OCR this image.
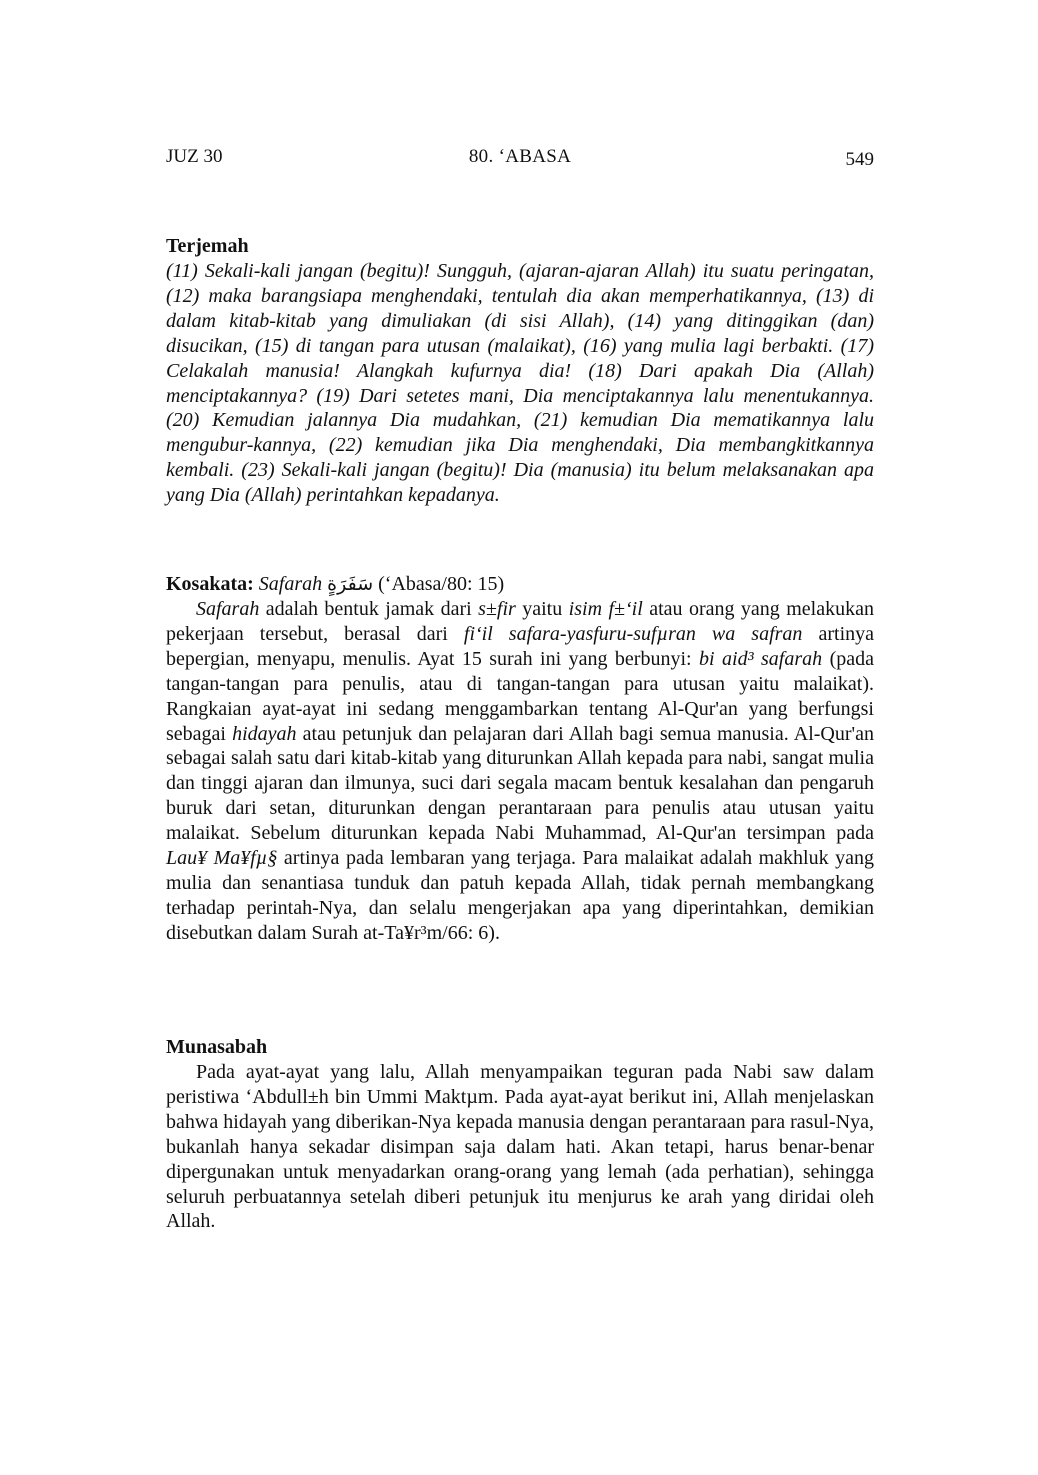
JUZ 30	80. ‘ABASA	549
Terjemah

(11) Sekali-kali jangan (begitu)! Sungguh, (ajaran-ajaran Allah) itu suatu peringatan, (12) maka barangsiapa menghendaki, tentulah dia akan memperhatikannya, (13) di dalam kitab-kitab yang dimuliakan (di sisi Allah), (14) yang ditinggikan (dan) disucikan, (15) di tangan para utusan (malaikat), (16) yang mulia lagi berbakti. (17) Celakalah manusia! Alangkah kufurnya dia! (18) Dari apakah Dia (Allah) menciptakannya? (19) Dari setetes mani, Dia menciptakannya lalu menentukannya. (20) Kemudian jalannya Dia mudahkan, (21) kemudian Dia mematikannya lalu mengubur-kannya, (22) kemudian jika Dia menghendaki, Dia membangkitkannya kembali. (23) Sekali-kali jangan (begitu)! Dia (manusia) itu belum melaksanakan apa yang Dia (Allah) perintahkan kepadanya.

Kosakata: Safarah سَفَرَةٍ (‘Abasa/80: 15)

Safarah adalah bentuk jamak dari s±fir yaitu isim f±‘il atau orang yang melakukan pekerjaan tersebut, berasal dari fi‘il safara-yasfuru-sufµran wa safran artinya bepergian, menyapu, menulis. Ayat 15 surah ini yang berbunyi: bi aid³ safarah (pada tangan-tangan para penulis, atau di tangan-tangan para utusan yaitu malaikat). Rangkaian ayat-ayat ini sedang menggambarkan tentang Al-Qur'an yang berfungsi sebagai hidayah atau petunjuk dan pelajaran dari Allah bagi semua manusia. Al-Qur'an sebagai salah satu dari kitab-kitab yang diturunkan Allah kepada para nabi, sangat mulia dan tinggi ajaran dan ilmunya, suci dari segala macam bentuk kesalahan dan pengaruh buruk dari setan, diturunkan dengan perantaraan para penulis atau utusan yaitu malaikat. Sebelum diturunkan kepada Nabi Muhammad, Al-Qur'an tersimpan pada Lau¥ Ma¥fµ§ artinya pada lembaran yang terjaga. Para malaikat adalah makhluk yang mulia dan senantiasa tunduk dan patuh kepada Allah, tidak pernah membangkang terhadap perintah-Nya, dan selalu mengerjakan apa yang diperintahkan, demikian disebutkan dalam Surah at-Ta¥r³m/66: 6).

Munasabah

Pada ayat-ayat yang lalu, Allah menyampaikan teguran pada Nabi saw dalam peristiwa ‘Abdull±h bin Ummi Maktµm. Pada ayat-ayat berikut ini, Allah menjelaskan bahwa hidayah yang diberikan-Nya kepada manusia dengan perantaraan para rasul-Nya, bukanlah hanya sekadar disimpan saja dalam hati. Akan tetapi, harus benar-benar dipergunakan untuk menyadarkan orang-orang yang lemah (ada perhatian), sehingga seluruh perbuatannya setelah diberi petunjuk itu menjurus ke arah yang diridai oleh Allah.
